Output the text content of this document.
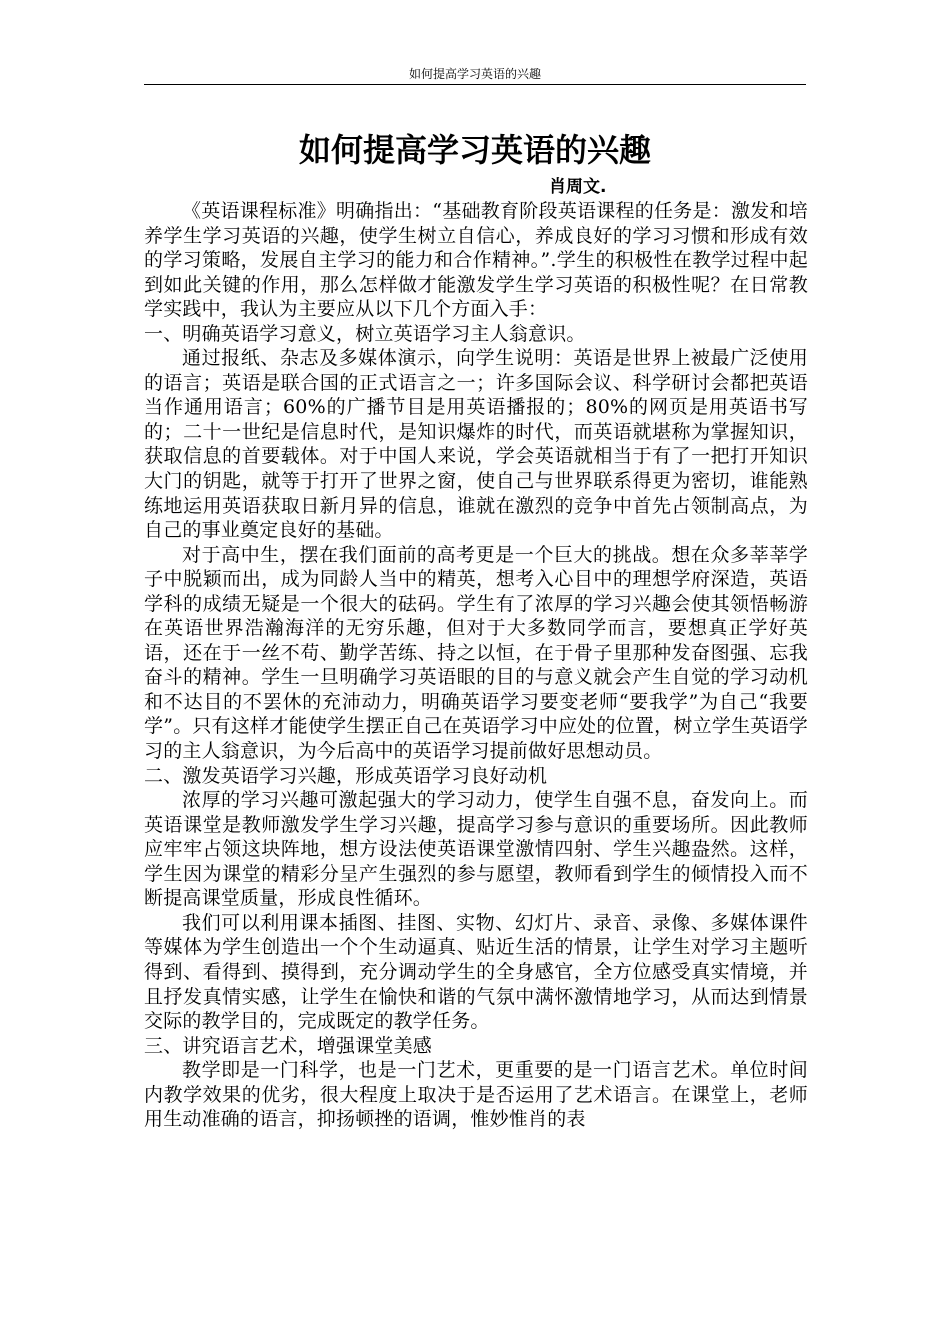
如何提高学习英语的兴趣
如何提高学习英语的兴趣
肖周文.

《英语课程标准》明确指出：“基础教育阶段英语课程的任务是：激发和培养学生学习英语的兴趣，使学生树立自信心，养成良好的学习习惯和形成有效的学习策略，发展自主学习的能力和合作精神。”.学生的积极性在教学过程中起到如此关键的作用，那么怎样做才能激发学生学习英语的积极性呢？在日常教学实践中，我认为主要应从以下几个方面入手：

一、明确英语学习意义，树立英语学习主人翁意识。

通过报纸、杂志及多媒体演示，向学生说明：英语是世界上被最广泛使用的语言；英语是联合国的正式语言之一；许多国际会议、科学研讨会都把英语当作通用语言；60%的广播节目是用英语播报的；80%的网页是用英语书写的；二十一世纪是信息时代，是知识爆炸的时代，而英语就堪称为掌握知识，获取信息的首要载体。对于中国人来说，学会英语就相当于有了一把打开知识大门的钥匙，就等于打开了世界之窗，使自己与世界联系得更为密切，谁能熟练地运用英语获取日新月异的信息，谁就在激烈的竞争中首先占领制高点，为自己的事业奠定良好的基础。

对于高中生，摆在我们面前的高考更是一个巨大的挑战。想在众多莘莘学子中脱颖而出，成为同龄人当中的精英，想考入心目中的理想学府深造，英语学科的成绩无疑是一个很大的砝码。学生有了浓厚的学习兴趣会使其领悟畅游在英语世界浩瀚海洋的无穷乐趣，但对于大多数同学而言，要想真正学好英语，还在于一丝不苟、勤学苦练、持之以恒，在于骨子里那种发奋图强、忘我奋斗的精神。学生一旦明确学习英语眼的目的与意义就会产生自觉的学习动机和不达目的不罢休的充沛动力，明确英语学习要变老师“要我学”为自己“我要学”。只有这样才能使学生摆正自己在英语学习中应处的位置，树立学生英语学习的主人翁意识，为今后高中的英语学习提前做好思想动员。

二、激发英语学习兴趣，形成英语学习良好动机

浓厚的学习兴趣可激起强大的学习动力，使学生自强不息，奋发向上。而英语课堂是教师激发学生学习兴趣，提高学习参与意识的重要场所。因此教师应牢牢占领这块阵地，想方设法使英语课堂激情四射、学生兴趣盎然。这样，学生因为课堂的精彩分呈产生强烈的参与愿望，教师看到学生的倾情投入而不断提高课堂质量，形成良性循环。

我们可以利用课本插图、挂图、实物、幻灯片、录音、录像、多媒体课件等媒体为学生创造出一个个生动逼真、贴近生活的情景，让学生对学习主题听得到、看得到、摸得到，充分调动学生的全身感官，全方位感受真实情境，并且抒发真情实感，让学生在愉快和谐的气氛中满怀激情地学习，从而达到情景交际的教学目的，完成既定的教学任务。

三、讲究语言艺术，增强课堂美感

教学即是一门科学，也是一门艺术，更重要的是一门语言艺术。单位时间内教学效果的优劣，很大程度上取决于是否运用了艺术语言。在课堂上，老师用生动准确的语言，抑扬顿挫的语调，惟妙惟肖的表
